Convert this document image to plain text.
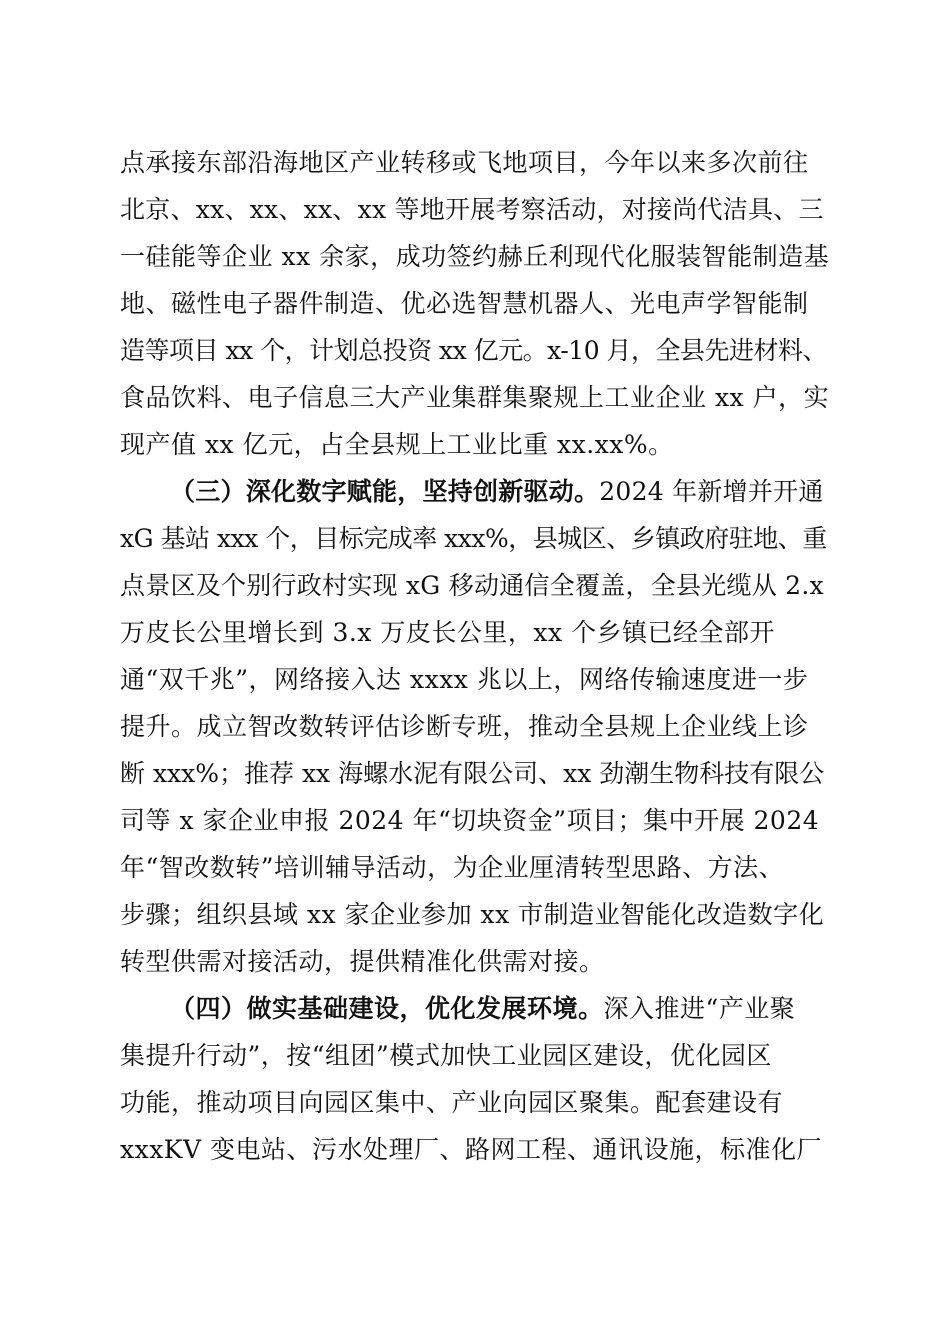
点承接东部沿海地区产业转移或飞地项目，今年以来多次前往
北京、xx、xx、xx、xx 等地开展考察活动，对接尚代洁具、三
一硅能等企业 xx 余家，成功签约赫丘利现代化服装智能制造基
地、磁性电子器件制造、优必选智慧机器人、光电声学智能制
造等项目 xx 个，计划总投资 xx 亿元。x-10 月，全县先进材料、
食品饮料、电子信息三大产业集群集聚规上工业企业 xx 户，实
现产值 xx 亿元，占全县规上工业比重 xx.xx%。
（三）深化数字赋能，坚持创新驱动。2024 年新增并开通
xG 基站 xxx 个，目标完成率 xxx%，县城区、乡镇政府驻地、重
点景区及个别行政村实现 xG 移动通信全覆盖，全县光缆从 2.x
万皮长公里增长到 3.x 万皮长公里，xx 个乡镇已经全部开
通“双千兆”，网络接入达 xxxx 兆以上，网络传输速度进一步
提升。成立智改数转评估诊断专班，推动全县规上企业线上诊
断 xxx%；推荐 xx 海螺水泥有限公司、xx 劲潮生物科技有限公
司等 x 家企业申报 2024 年“切块资金”项目；集中开展 2024
年“智改数转”培训辅导活动，为企业厘清转型思路、方法、
步骤；组织县域 xx 家企业参加 xx 市制造业智能化改造数字化
转型供需对接活动，提供精准化供需对接。
（四）做实基础建设，优化发展环境。深入推进“产业聚
集提升行动”，按“组团”模式加快工业园区建设，优化园区
功能，推动项目向园区集中、产业向园区聚集。配套建设有
xxxKV 变电站、污水处理厂、路网工程、通讯设施，标准化厂
